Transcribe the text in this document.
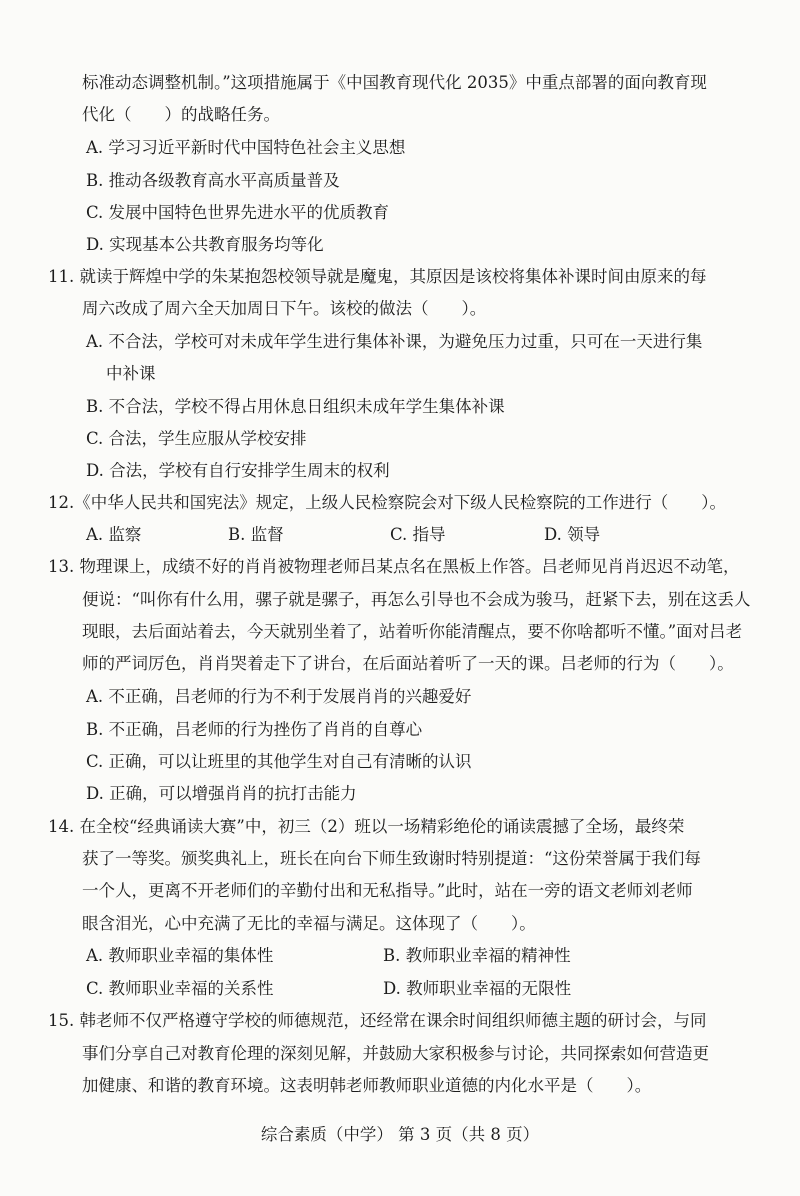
标准动态调整机制。”这项措施属于《中国教育现代化 2035》中重点部署的面向教育现
代化（　　）的战略任务。
A. 学习习近平新时代中国特色社会主义思想
B. 推动各级教育高水平高质量普及
C. 发展中国特色世界先进水平的优质教育
D. 实现基本公共教育服务均等化
11. 就读于辉煌中学的朱某抱怨校领导就是魔鬼，其原因是该校将集体补课时间由原来的每
周六改成了周六全天加周日下午。该校的做法（　　）。
A. 不合法，学校可对未成年学生进行集体补课，为避免压力过重，只可在一天进行集
中补课
B. 不合法，学校不得占用休息日组织未成年学生集体补课
C. 合法，学生应服从学校安排
D. 合法，学校有自行安排学生周末的权利
12.《中华人民共和国宪法》规定，上级人民检察院会对下级人民检察院的工作进行（　　）。
A. 监察	B. 监督	C. 指导	D. 领导
13. 物理课上，成绩不好的肖肖被物理老师吕某点名在黑板上作答。吕老师见肖肖迟迟不动笔，
便说：“叫你有什么用，骡子就是骡子，再怎么引导也不会成为骏马，赶紧下去，别在这丢人
现眼，去后面站着去，今天就别坐着了，站着听你能清醒点，要不你啥都听不懂。”面对吕老
师的严词厉色，肖肖哭着走下了讲台，在后面站着听了一天的课。吕老师的行为（　　）。
A. 不正确，吕老师的行为不利于发展肖肖的兴趣爱好
B. 不正确，吕老师的行为挫伤了肖肖的自尊心
C. 正确，可以让班里的其他学生对自己有清晰的认识
D. 正确，可以增强肖肖的抗打击能力
14. 在全校“经典诵读大赛”中，初三（2）班以一场精彩绝伦的诵读震撼了全场，最终荣
获了一等奖。颁奖典礼上，班长在向台下师生致谢时特别提道：“这份荣誉属于我们每
一个人，更离不开老师们的辛勤付出和无私指导。”此时，站在一旁的语文老师刘老师
眼含泪光，心中充满了无比的幸福与满足。这体现了（　　）。
A. 教师职业幸福的集体性	B. 教师职业幸福的精神性
C. 教师职业幸福的关系性	D. 教师职业幸福的无限性
15. 韩老师不仅严格遵守学校的师德规范，还经常在课余时间组织师德主题的研讨会，与同
事们分享自己对教育伦理的深刻见解，并鼓励大家积极参与讨论，共同探索如何营造更
加健康、和谐的教育环境。这表明韩老师教师职业道德的内化水平是（　　）。
综合素质（中学） 第 3 页（共 8 页）
